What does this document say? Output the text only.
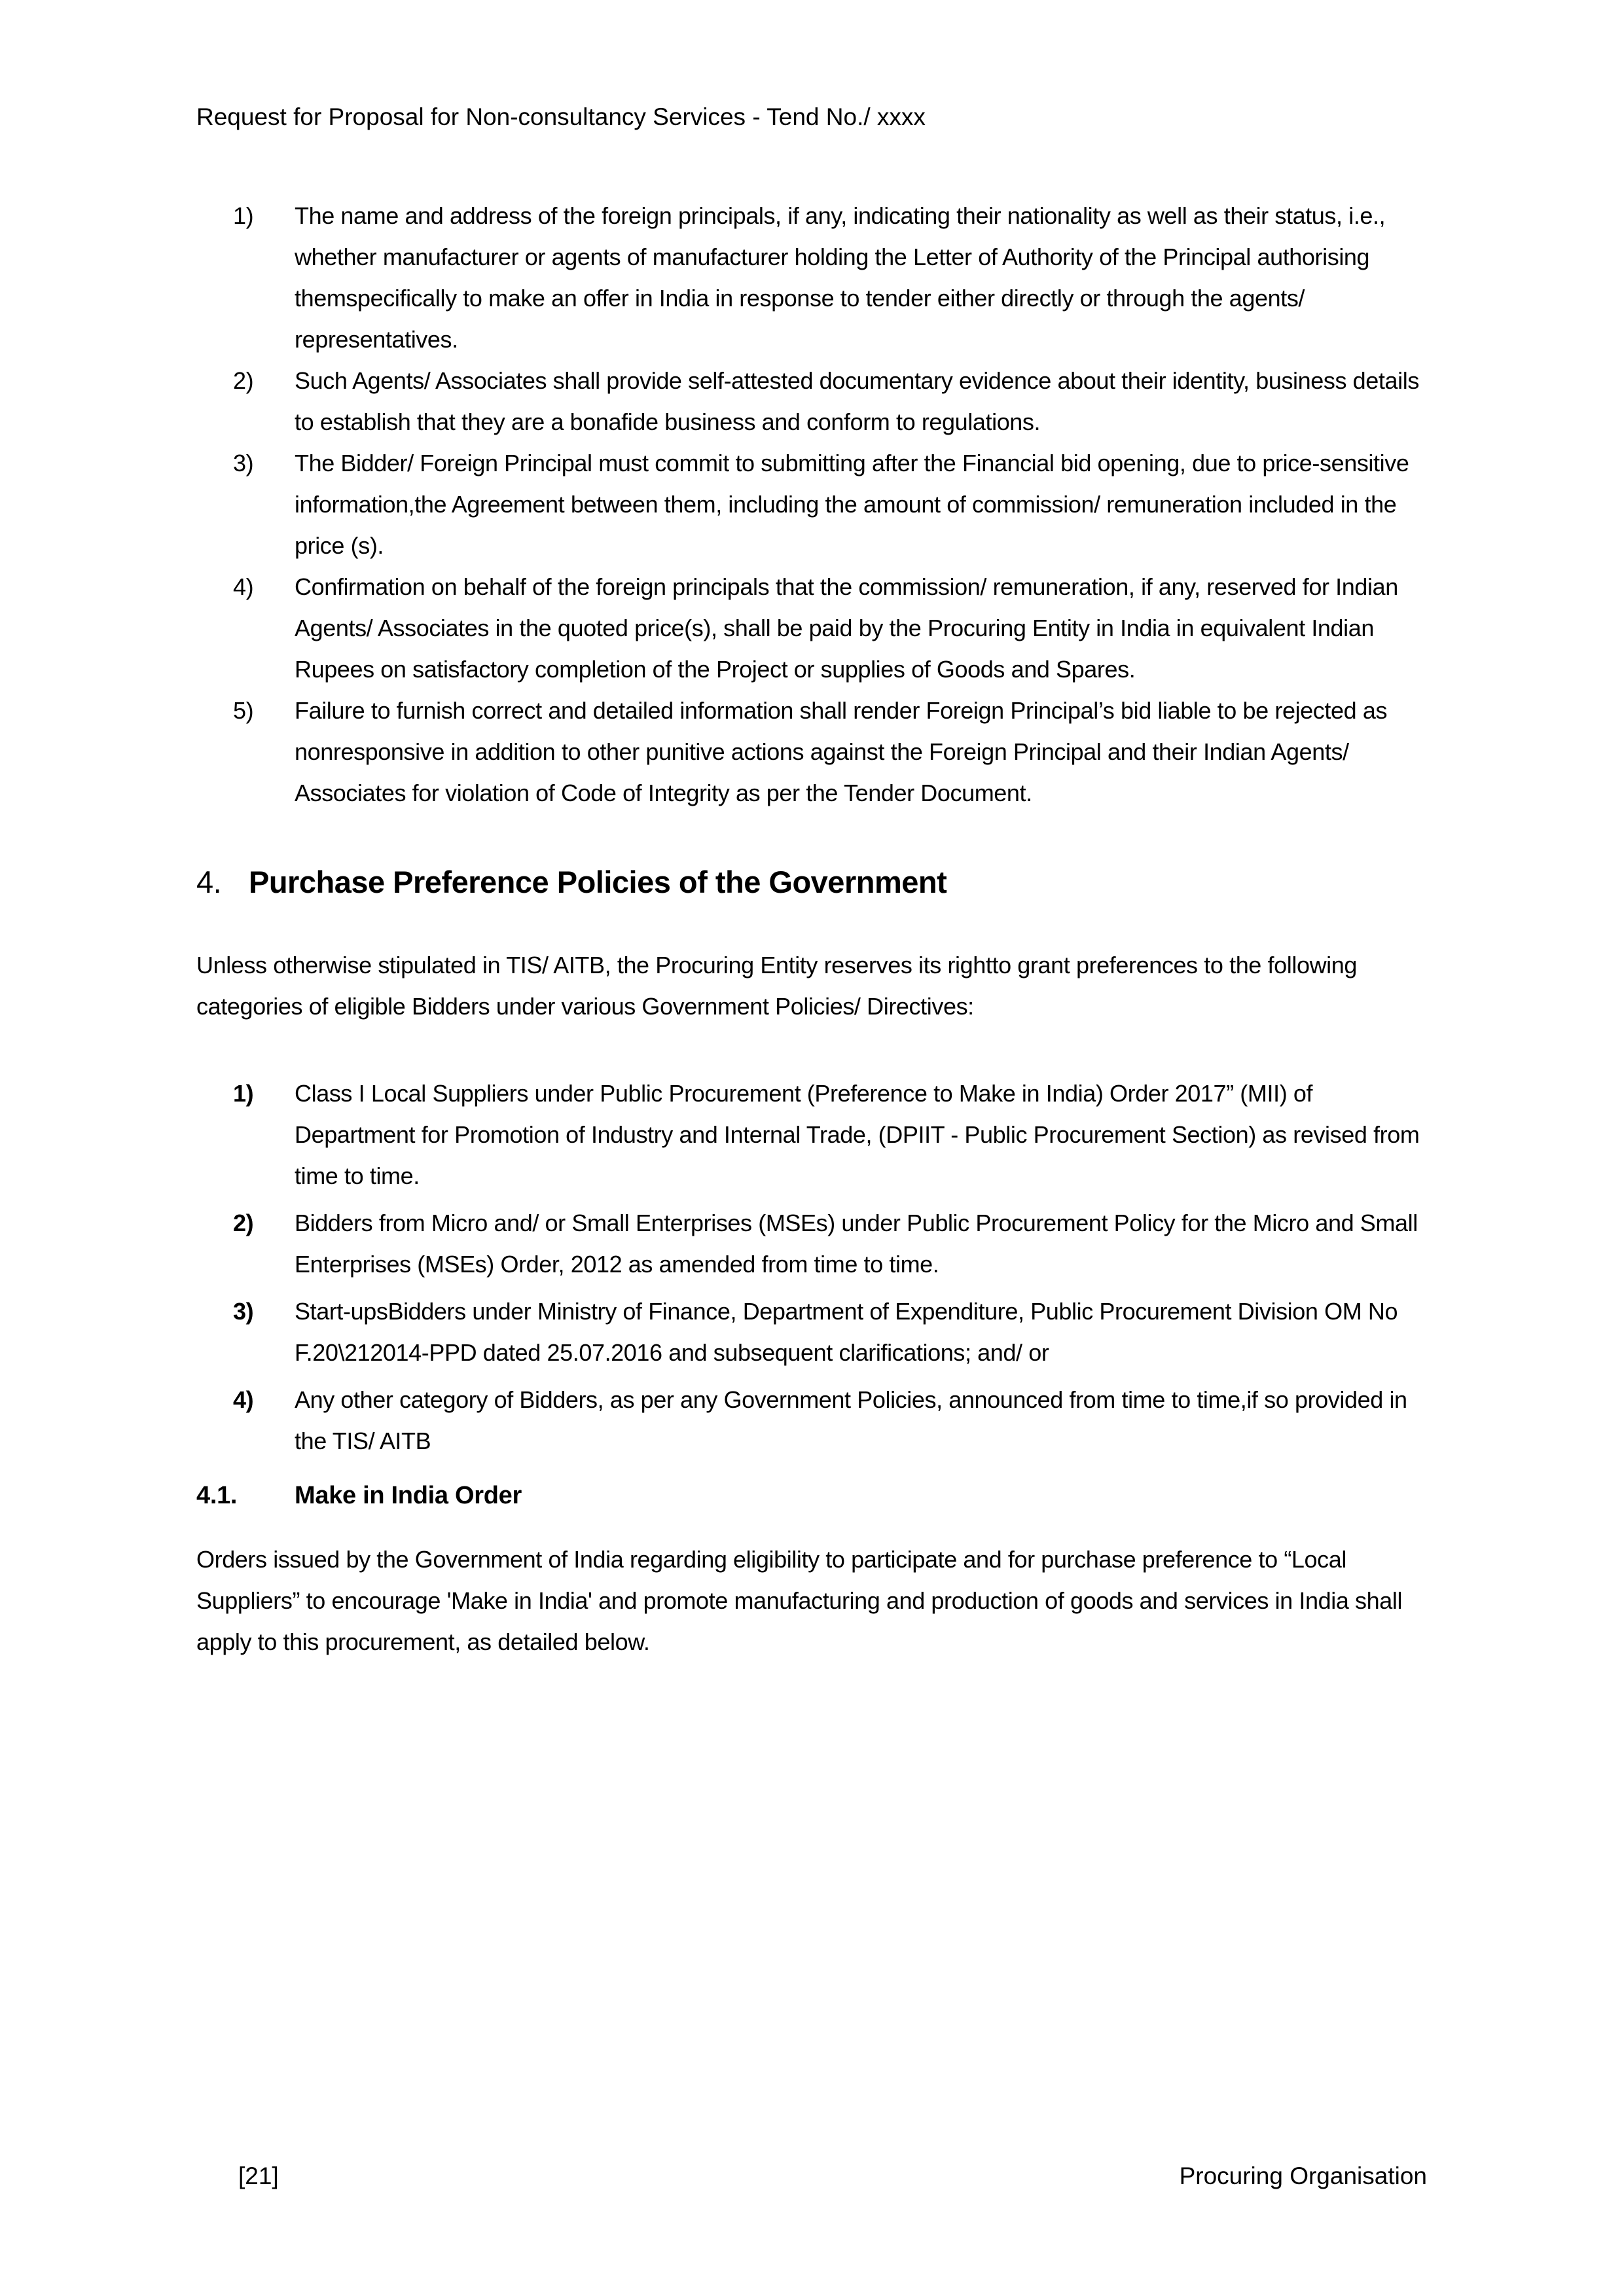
Request for Proposal for Non-consultancy Services - Tend No./ xxxx
1)	The name and address of the foreign principals, if any, indicating their nationality as well as their status, i.e., whether manufacturer or agents of manufacturer holding the Letter of Authority of the Principal authorising themspecifically to make an offer in India in response to tender either directly or through the agents/ representatives.
2)	Such Agents/ Associates shall provide self-attested documentary evidence about their identity, business details to establish that they are a bonafide business and conform to regulations.
3)	The Bidder/ Foreign Principal must commit to submitting after the Financial bid opening, due to price-sensitive information,the Agreement between them, including the amount of commission/ remuneration included in the price (s).
4)	Confirmation on behalf of the foreign principals that the commission/ remuneration, if any, reserved for Indian Agents/ Associates in the quoted price(s), shall be paid by the Procuring Entity in India in equivalent Indian Rupees on satisfactory completion of the Project or supplies of Goods and Spares.
5)	Failure to furnish correct and detailed information shall render Foreign Principal’s bid liable to be rejected as nonresponsive in addition to other punitive actions against the Foreign Principal and their Indian Agents/ Associates for violation of Code of Integrity as per the Tender Document.
4. Purchase Preference Policies of the Government
Unless otherwise stipulated in TIS/ AITB, the Procuring Entity reserves its rightto grant preferences to the following categories of eligible Bidders under various Government Policies/ Directives:
1)	Class I Local Suppliers under Public Procurement (Preference to Make in India) Order 2017” (MII) of Department for Promotion of Industry and Internal Trade, (DPIIT - Public Procurement Section) as revised from time to time.
2)	Bidders from Micro and/ or Small Enterprises (MSEs) under Public Procurement Policy for the Micro and Small Enterprises (MSEs) Order, 2012 as amended from time to time.
3)	Start-upsBidders under Ministry of Finance, Department of Expenditure, Public Procurement Division OM No F.20\212014-PPD dated 25.07.2016 and subsequent clarifications; and/ or
4)	Any other category of Bidders, as per any Government Policies, announced from time to time,if so provided in the TIS/ AITB
4.1.	Make in India Order
Orders issued by the Government of India regarding eligibility to participate and for purchase preference to “Local Suppliers” to encourage 'Make in India' and promote manufacturing and production of goods and services in India shall apply to this procurement, as detailed below.
[21]	Procuring Organisation
